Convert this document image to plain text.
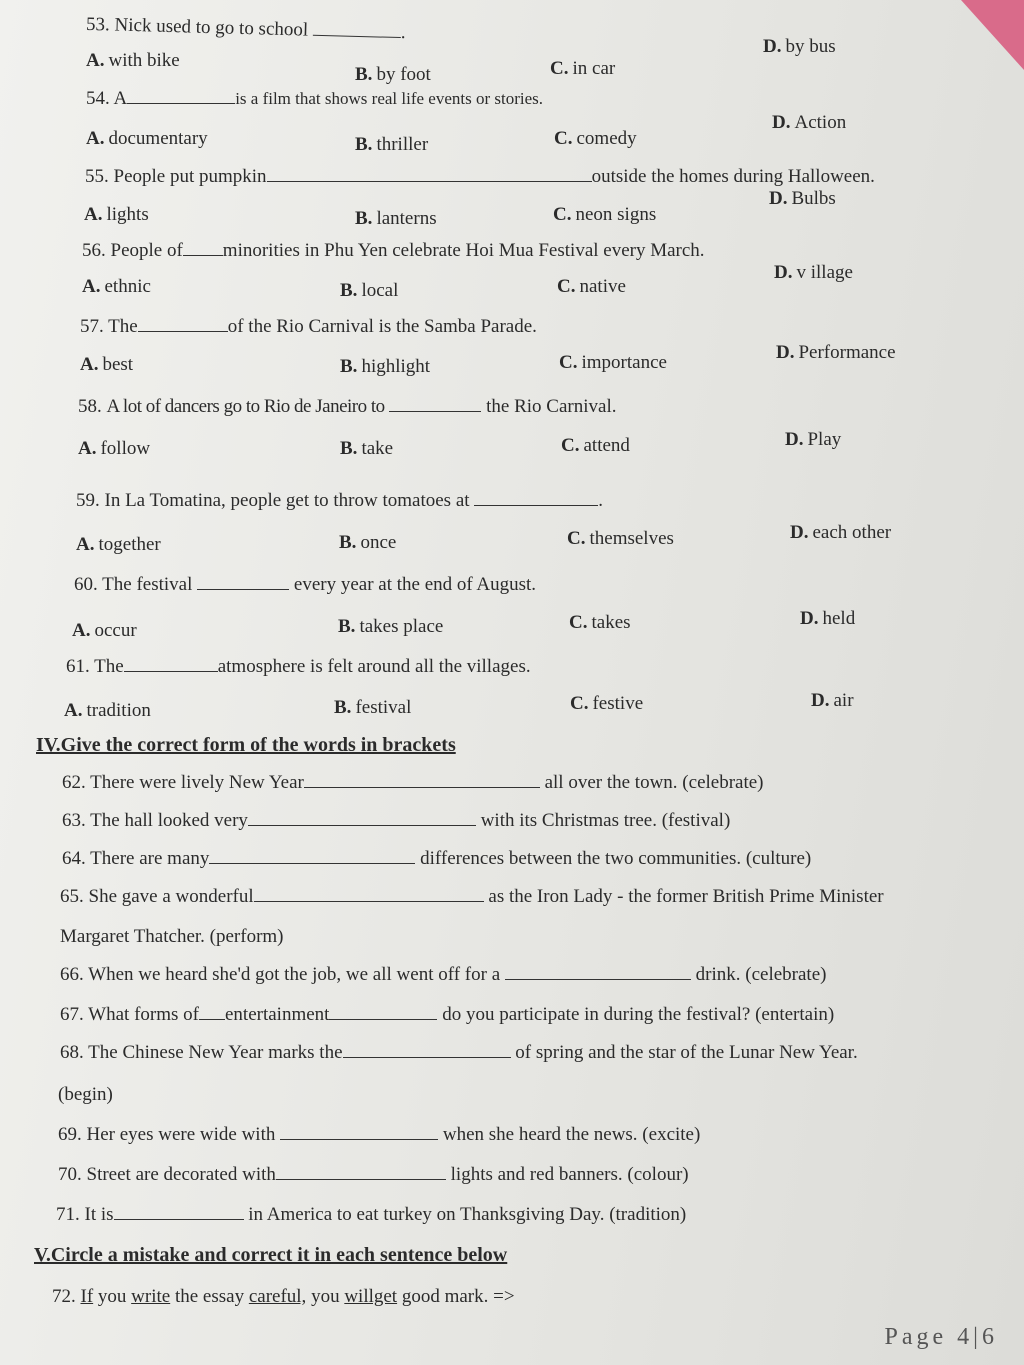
53. Nick used to go to school	.
A. with bike
B. by foot	C. in car
D. by bus
54. A	is a film that shows real life events or stories.
A. documentary	B. thriller	C. comedy
D. Action
55. People put pumpkin	outside the homes during Halloween.
A. lights	B. lanterns	C. neon signs
D. Bulbs
56. People of minorities in Phu Yen celebrate Hoi Mua Festival every March.
A. ethnic	B. local	C. native
D. v illage
57. The	of the Rio Carnival is the Samba Parade.
A. best	B. highlight	C. importance	D. Performance
58. A lot of dancers go to Rio de Janeiro to	the Rio Carnival.
A. follow	B. take	C. attend	D. Play
59. In La Tomatina, people get to throw tomatoes at	.
A. together	B. once	C. themselves	D. each other
60. The festival	every year at the end of August.
A. occur	B. takes place	C. takes	D. held
61. The	atmosphere is felt around all the villages.
A. tradition	B. festival	C. festive	D. air
IV.Give the correct form of the words in brackets
62. There were lively New Year	all over the town. (celebrate)
63. The hall looked very	with its Christmas tree. (festival)
64. There are many	differences between the two communities. (culture)
65. She gave a wonderful	as the Iron Lady - the former British Prime Minister
Margaret Thatcher. (perform)
66. When we heard she'd got the job, we all went off for a	drink. (celebrate)
67. What forms of entertainment	do you participate in during the festival? (entertain)
68. The Chinese New Year marks the	of spring and the star of the Lunar New Year.
(begin)
69. Her eyes were wide with	when she heard the news. (excite)
70. Street are decorated with	lights and red banners. (colour)
71. It is	in America to eat turkey on Thanksgiving Day. (tradition)
V.Circle a mistake and correct it in each sentence below
72. If you write the essay careful, you willget good mark. =>
Page 4|6
